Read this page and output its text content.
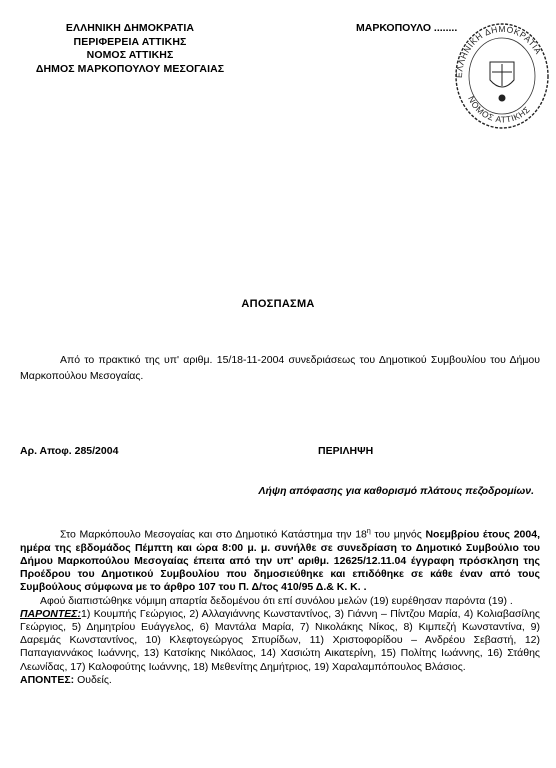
ΕΛΛΗΝΙΚΗ ΔΗΜΟΚΡΑΤΙΑ
ΠΕΡΙΦΕΡΕΙΑ ΑΤΤΙΚΗΣ
ΝΟΜΟΣ ΑΤΤΙΚΗΣ
ΔΗΜΟΣ ΜΑΡΚΟΠΟΥΛΟΥ ΜΕΣΟΓΑΙΑΣ
ΜΑΡΚΟΠΟΥΛΟ ........
ΕΛΛΗΝΙΚΗ ΔΗΜΟΚΡΑΤΙΑ
ΝΟΜΟΣ ΑΤΤΙΚΗΣ
ΑΠΟΣΠΑΣΜΑ
Από το πρακτικό της υπ' αριθμ. 15/18-11-2004 συνεδριάσεως του Δημοτικού Συμβουλίου του Δήμου Μαρκοπούλου Μεσογαίας.
Αρ. Αποφ. 285/2004	ΠΕΡΙΛΗΨΗ
Λήψη απόφασης για καθορισμό πλάτους πεζοδρομίων.

Στο Μαρκόπουλο Μεσογαίας και στο Δημοτικό Κατάστημα την $18^\eta$ του μηνός Νοεμβρίου έτους 2004, ημέρα της εβδομάδος Πέμπτη και ώρα 8:00 μ. μ. συνήλθε σε συνεδρίαση το Δημοτικό Συμβούλιο του Δήμου Μαρκοπούλου Μεσογαίας έπειτα από την υπ' αριθμ. 12625/12.11.04 έγγραφη πρόσκληση της Προέδρου του Δημοτικού Συμβουλίου που δημοσιεύθηκε και επιδόθηκε σε κάθε έναν από τους Συμβούλους σύμφωνα με το άρθρο 107 του Π. Δ/τος 410/95 Δ.& Κ. Κ. .

Αφού διαπιστώθηκε νόμιμη απαρτία δεδομένου ότι επί συνόλου μελών (19) ευρέθησαν παρόντα (19) .

ΠΑΡΟΝΤΕΣ:1) Κουμπής Γεώργιος, 2) Αλλαγιάννης Κωνσταντίνος, 3) Γιάννη – Πίντζου Μαρία, 4) Κολιαβασίλης Γεώργιος, 5) Δημητρίου Ευάγγελος, 6) Μαντάλα Μαρία, 7) Νικολάκης Νίκος, 8) Κιμπεζή Κωνσταντίνα, 9) Δαρεμάς Κωνσταντίνος, 10) Κλεφτογεώργος Σπυρίδων, 11) Χριστοφορίδου – Ανδρέου Σεβαστή, 12) Παπαγιαννάκος Ιωάννης, 13) Κατσίκης Νικόλαος, 14) Χασιώτη Αικατερίνη, 15) Πολίτης Ιωάννης, 16) Στάθης Λεωνίδας, 17) Καλοφούτης Ιωάννης, 18) Μεθενίτης Δημήτριος, 19) Χαραλαμπόπουλος Βλάσιος.

ΑΠΟΝΤΕΣ: Ουδείς.
